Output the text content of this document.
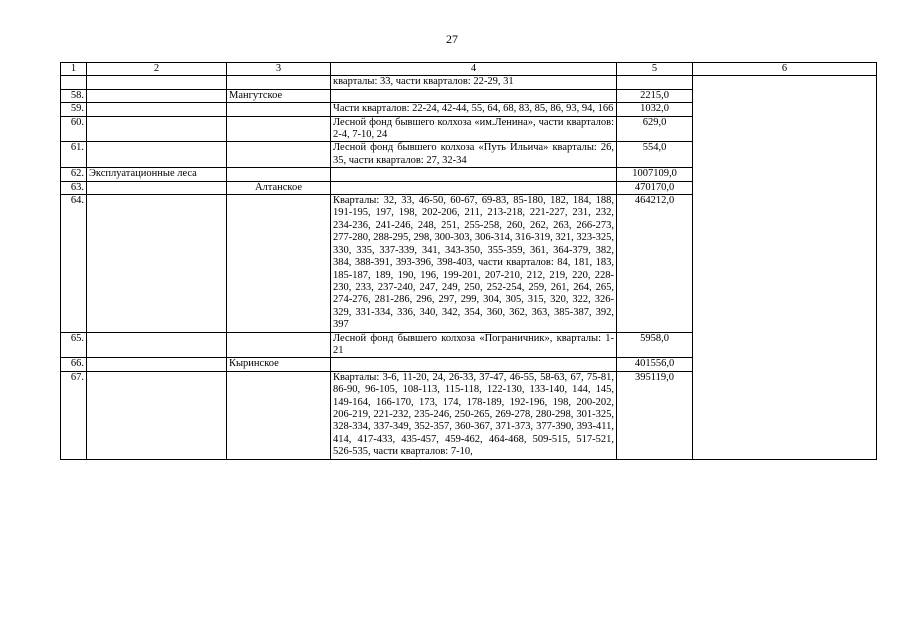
27
1	2	3	4	5	6
			кварталы: 33, части кварталов: 22-29, 31		
58.		Мангутское		2215,0	
59.			Части кварталов: 22-24, 42-44, 55, 64, 68, 83, 85, 86, 93, 94, 166	1032,0	
60.			Лесной фонд бывшего колхоза «им.Ленина», части кварталов: 2-4, 7-10, 24	629,0	
61.			Лесной фонд бывшего колхоза «Путь Ильича» кварталы: 26, 35, части кварталов: 27, 32-34	554,0	
62.	Эксплуатационные леса			1007109,0	
63.		Алтанское		470170,0	
64.			Кварталы: 32, 33, 46-50, 60-67, 69-83, 85-180, 182, 184, 188, 191-195, 197, 198, 202-206, 211, 213-218, 221-227, 231, 232, 234-236, 241-246, 248, 251, 255-258, 260, 262, 263, 266-273, 277-280, 288-295, 298, 300-303, 306-314, 316-319, 321, 323-325, 330, 335, 337-339, 341, 343-350, 355-359, 361, 364-379, 382, 384, 388-391, 393-396, 398-403, части кварталов: 84, 181, 183, 185-187, 189, 190, 196, 199-201, 207-210, 212, 219, 220, 228-230, 233, 237-240, 247, 249, 250, 252-254, 259, 261, 264, 265, 274-276, 281-286, 296, 297, 299, 304, 305, 315, 320, 322, 326-329, 331-334, 336, 340, 342, 354, 360, 362, 363, 385-387, 392, 397	464212,0	
65.			Лесной фонд бывшего колхоза «Пограничник», кварталы: 1-21	5958,0	
66.		Кыринское		401556,0	
67.			Кварталы: 3-6, 11-20, 24, 26-33, 37-47, 46-55, 58-63, 67, 75-81, 86-90, 96-105, 108-113, 115-118, 122-130, 133-140, 144, 145, 149-164, 166-170, 173, 174, 178-189, 192-196, 198, 200-202, 206-219, 221-232, 235-246, 250-265, 269-278, 280-298, 301-325, 328-334, 337-349, 352-357, 360-367, 371-373, 377-390, 393-411, 414, 417-433, 435-457, 459-462, 464-468, 509-515, 517-521, 526-535, части кварталов: 7-10,	395119,0	
